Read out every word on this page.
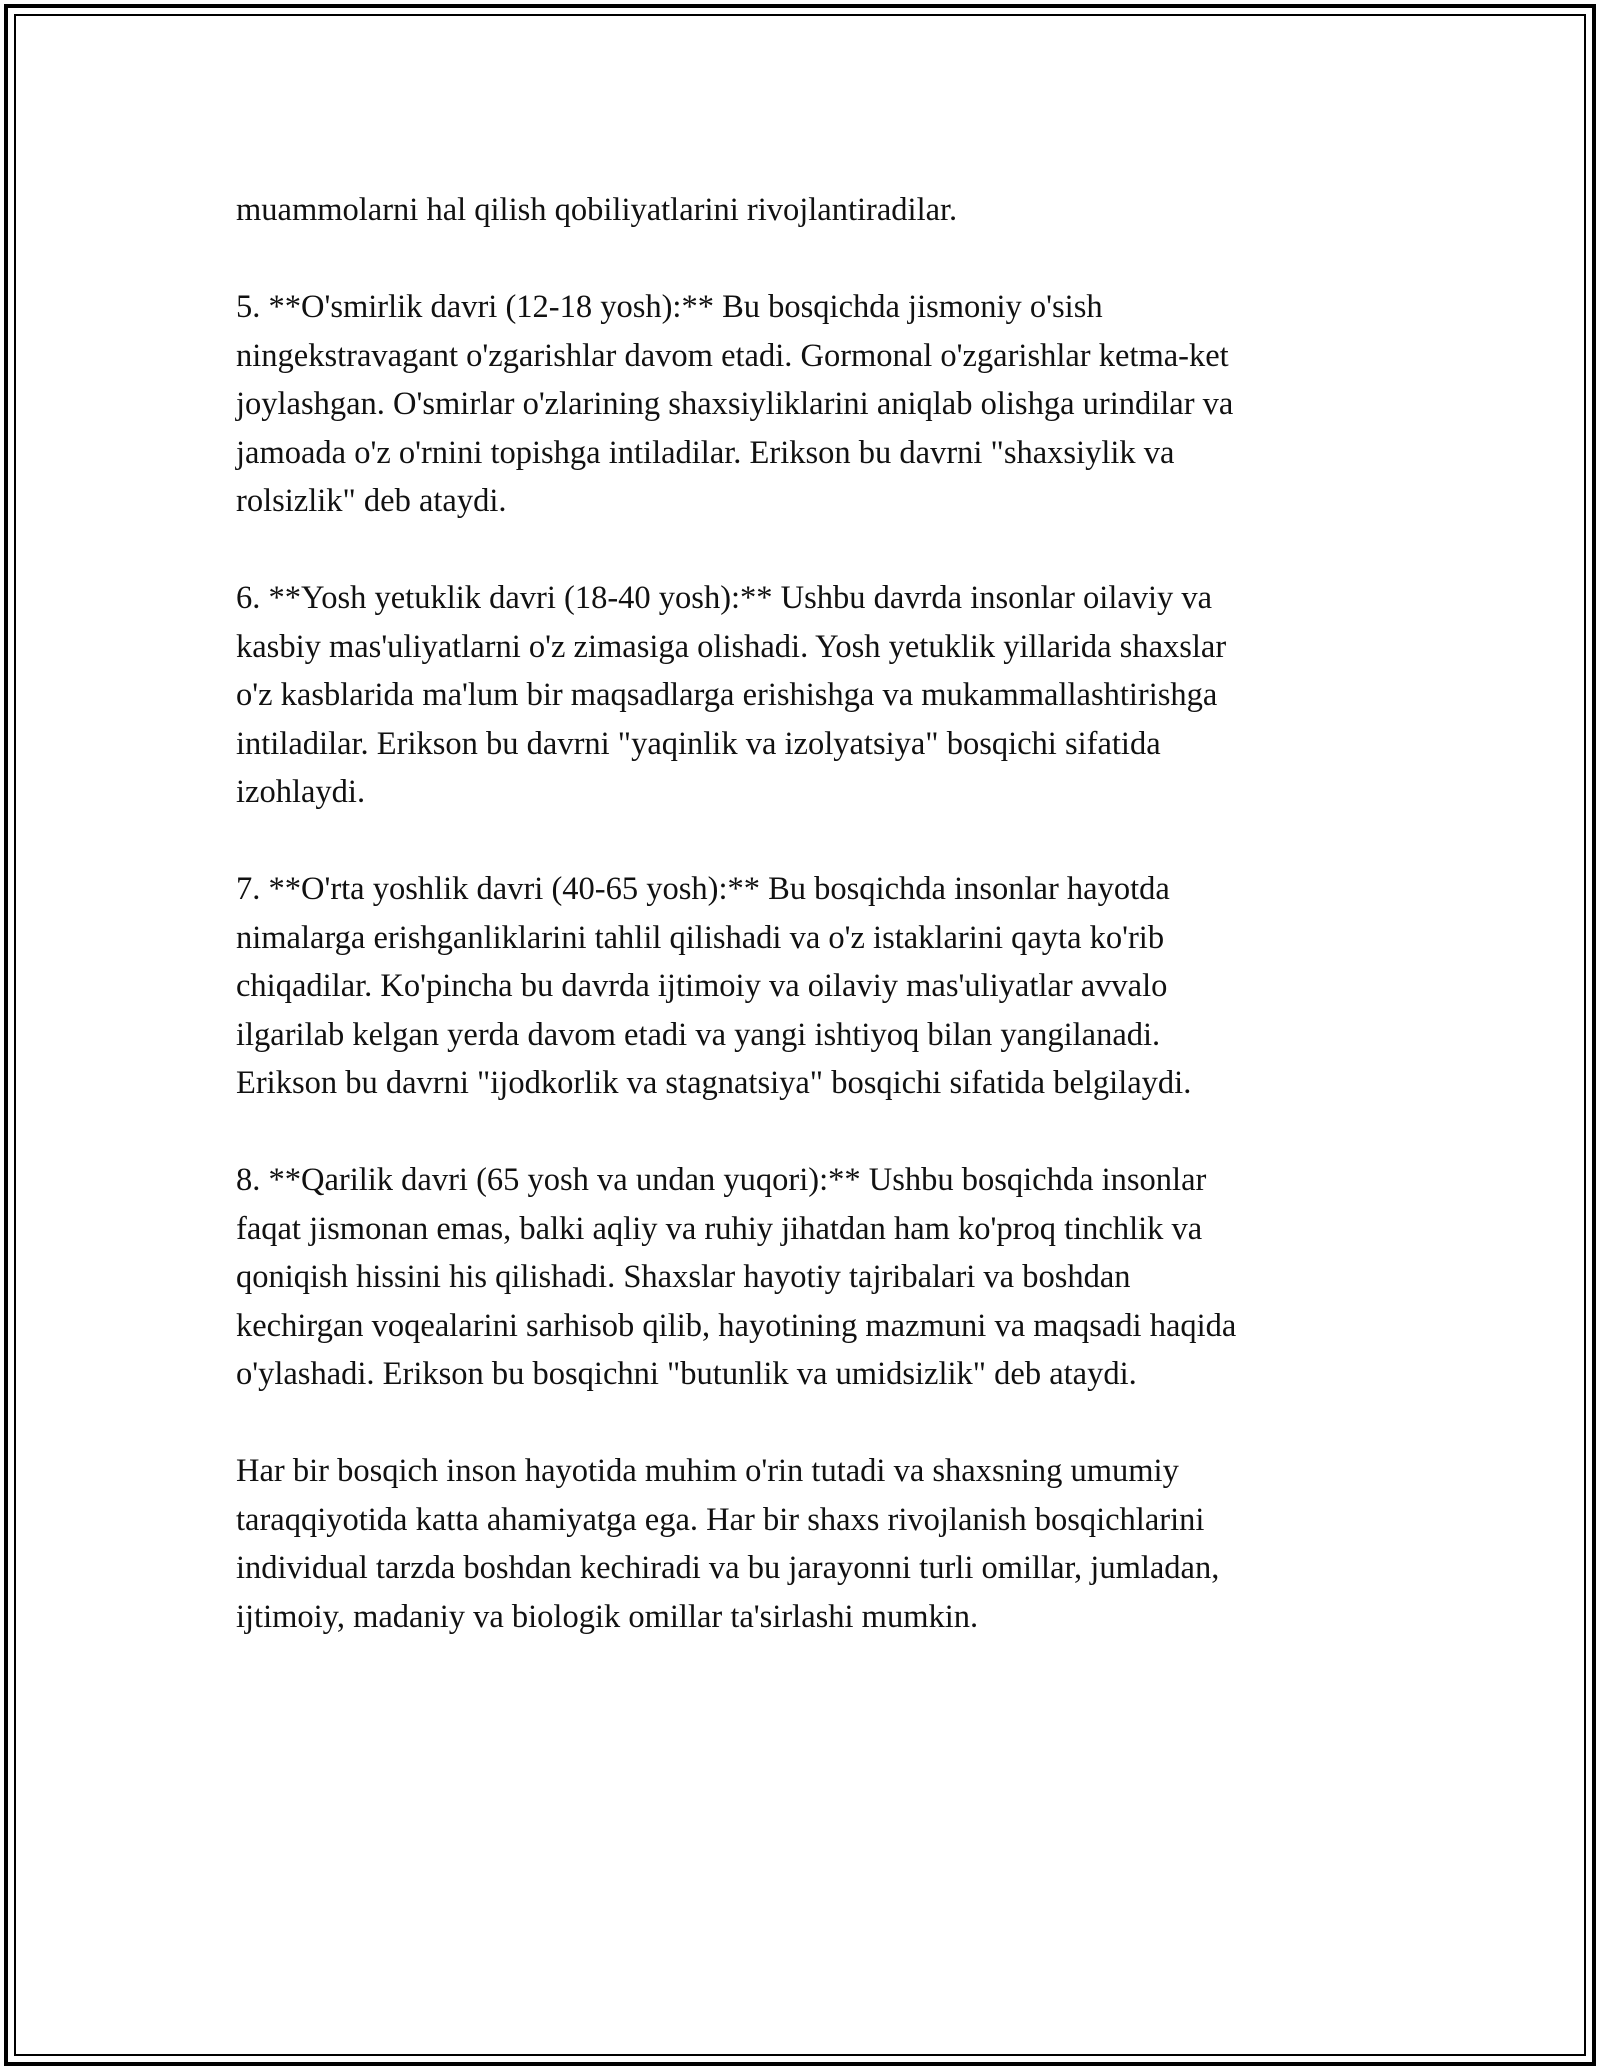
muammolarni hal qilish qobiliyatlarini rivojlantiradilar.

5. **O'smirlik davri (12-18 yosh):** Bu bosqichda jismoniy o'sish
ningekstravagant o'zgarishlar davom etadi. Gormonal o'zgarishlar ketma-ket
joylashgan. O'smirlar o'zlarining shaxsiyliklarini aniqlab olishga urindilar va
jamoada o'z o'rnini topishga intiladilar. Erikson bu davrni "shaxsiylik va
rolsizlik" deb ataydi.

6. **Yosh yetuklik davri (18-40 yosh):** Ushbu davrda insonlar oilaviy va
kasbiy mas'uliyatlarni o'z zimasiga olishadi. Yosh yetuklik yillarida shaxslar
o'z kasblarida ma'lum bir maqsadlarga erishishga va mukammallashtirishga
intiladilar. Erikson bu davrni "yaqinlik va izolyatsiya" bosqichi sifatida
izohlaydi.

7. **O'rta yoshlik davri (40-65 yosh):** Bu bosqichda insonlar hayotda
nimalarga erishganliklarini tahlil qilishadi va o'z istaklarini qayta ko'rib
chiqadilar. Ko'pincha bu davrda ijtimoiy va oilaviy mas'uliyatlar avvalo
ilgarilab kelgan yerda davom etadi va yangi ishtiyoq bilan yangilanadi.
Erikson bu davrni "ijodkorlik va stagnatsiya" bosqichi sifatida belgilaydi.

8. **Qarilik davri (65 yosh va undan yuqori):** Ushbu bosqichda insonlar
faqat jismonan emas, balki aqliy va ruhiy jihatdan ham ko'proq tinchlik va
qoniqish hissini his qilishadi. Shaxslar hayotiy tajribalari va boshdan
kechirgan voqealarini sarhisob qilib, hayotining mazmuni va maqsadi haqida
o'ylashadi. Erikson bu bosqichni "butunlik va umidsizlik" deb ataydi.

Har bir bosqich inson hayotida muhim o'rin tutadi va shaxsning umumiy
taraqqiyotida katta ahamiyatga ega. Har bir shaxs rivojlanish bosqichlarini
individual tarzda boshdan kechiradi va bu jarayonni turli omillar, jumladan,
ijtimoiy, madaniy va biologik omillar ta'sirlashi mumkin.
